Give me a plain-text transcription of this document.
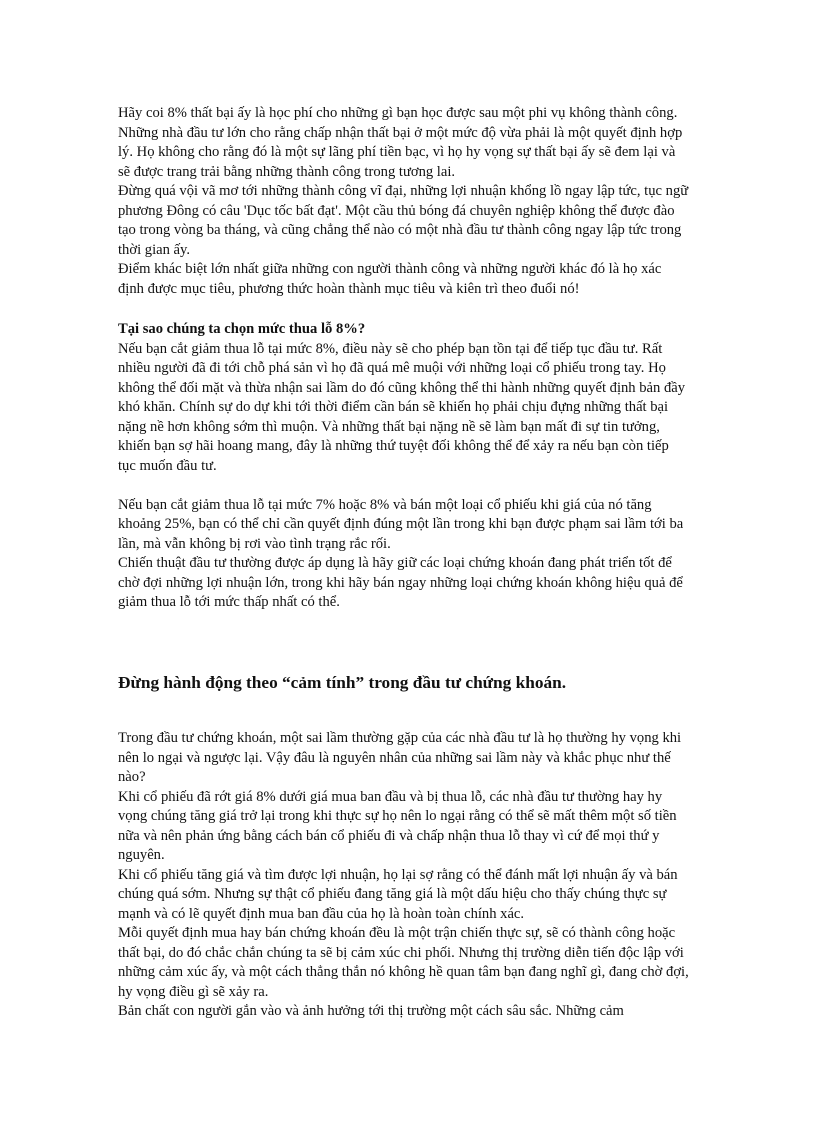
Hãy coi 8% thất bại ấy là học phí cho những gì bạn học được sau một phi vụ không thành công. Những nhà đầu tư lớn cho rằng chấp nhận thất bại ở một mức độ vừa phải là một quyết định hợp lý. Họ không cho rằng đó là một sự lãng phí tiền bạc, vì họ hy vọng sự thất bại ấy sẽ đem lại và sẽ được trang trải bằng những thành công trong tương lai.

Đừng quá vội vã mơ tới những thành công vĩ đại, những lợi nhuận khổng lồ ngay lập tức, tục ngữ phương Đông có câu 'Dục tốc bất đạt'. Một cầu thủ bóng đá chuyên nghiệp không thể được đào tạo trong vòng ba tháng, và cũng chẳng thể nào có một nhà đầu tư thành công ngay lập tức trong thời gian ấy.

Điểm khác biệt lớn nhất giữa những con người thành công và những người khác đó là họ xác định được mục tiêu, phương thức hoàn thành mục tiêu và kiên trì theo đuổi nó!

Tại sao chúng ta chọn mức thua lỗ 8%?

Nếu bạn cắt giảm thua lỗ tại mức 8%, điều này sẽ cho phép bạn tồn tại để tiếp tục đầu tư. Rất nhiều người đã đi tới chỗ phá sản vì họ đã quá mê muội với những loại cổ phiếu trong tay. Họ không thể đối mặt và thừa nhận sai lầm do đó cũng không thể thi hành những quyết định bản đầy khó khăn. Chính sự do dự khi tới thời điểm cần bán sẽ khiến họ phải chịu đựng những thất bại nặng nề hơn không sớm thì muộn. Và những thất bại nặng nề sẽ làm bạn mất đi sự tin tưởng, khiến bạn sợ hãi hoang mang, đây là những thứ tuyệt đối không thể để xảy ra nếu bạn còn tiếp tục muốn đầu tư.

Nếu bạn cắt giảm thua lỗ tại mức 7% hoặc 8% và bán một loại cổ phiếu khi giá của nó tăng khoảng 25%, bạn có thể chỉ cần quyết định đúng một lần trong khi bạn được phạm sai lầm tới ba lần, mà vẫn không bị rơi vào tình trạng rắc rối.

Chiến thuật đầu tư thường được áp dụng là hãy giữ các loại chứng khoán đang phát triển tốt để chờ đợi những lợi nhuận lớn, trong khi hãy bán ngay những loại chứng khoán không hiệu quả để giảm thua lỗ tới mức thấp nhất có thể.

Đừng hành động theo “cảm tính” trong đầu tư chứng khoán.

Trong đầu tư chứng khoán, một sai lầm thường gặp của các nhà đầu tư là họ thường hy vọng khi nên lo ngại và ngược lại. Vậy đâu là nguyên nhân của những sai lầm này và khắc phục như thế nào?

Khi cổ phiếu đã rớt giá 8% dưới giá mua ban đầu và bị thua lỗ, các nhà đầu tư thường hay hy vọng chúng tăng giá trở lại trong khi thực sự họ nên lo ngại rằng có thể sẽ mất thêm một số tiền nữa và nên phản ứng bằng cách bán cổ phiếu đi và chấp nhận thua lỗ thay vì cứ để mọi thứ y nguyên.

Khi cổ phiếu tăng giá và tìm được lợi nhuận, họ lại sợ rằng có thể đánh mất lợi nhuận ấy và bán chúng quá sớm. Nhưng sự thật cổ phiếu đang tăng giá là một dấu hiệu cho thấy chúng thực sự mạnh và có lẽ quyết định mua ban đầu của họ là hoàn toàn chính xác.

Mỗi quyết định mua hay bán chứng khoán đều là một trận chiến thực sự, sẽ có thành công hoặc thất bại, do đó chắc chắn chúng ta sẽ bị cảm xúc chi phối. Nhưng thị trường diễn tiến độc lập với những cảm xúc ấy, và một cách thẳng thắn nó không hề quan tâm bạn đang nghĩ gì, đang chờ đợi, hy vọng điều gì sẽ xảy ra.

Bản chất con người gắn vào và ảnh hưởng tới thị trường một cách sâu sắc. Những cảm
